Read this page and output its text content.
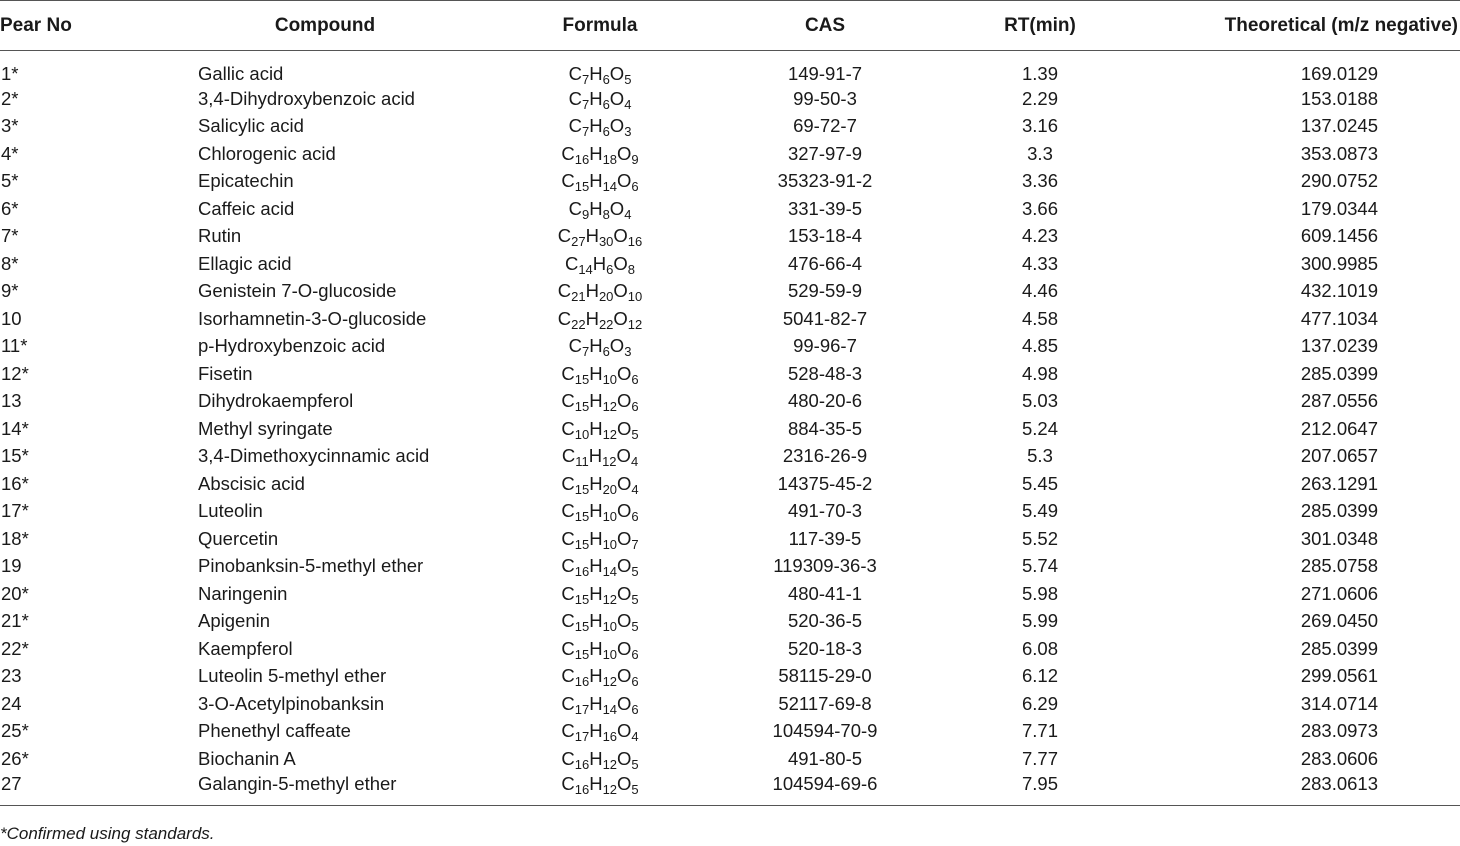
Pear No	Compound	Formula	CAS	RT(min)	Theoretical (m/z negative)
1*	Gallic acid	$C_7H_6O_5$	149-91-7	1.39	169.0129
2*	3,4-Dihydroxybenzoic acid	$C_7H_6O_4$	99-50-3	2.29	153.0188
3*	Salicylic acid	$C_7H_6O_3$	69-72-7	3.16	137.0245
4*	Chlorogenic acid	$C_{16}H_{18}O_9$	327-97-9	3.3	353.0873
5*	Epicatechin	$C_{15}H_{14}O_6$	35323-91-2	3.36	290.0752
6*	Caffeic acid	$C_9H_8O_4$	331-39-5	3.66	179.0344
7*	Rutin	$C_{27}H_{30}O_{16}$	153-18-4	4.23	609.1456
8*	Ellagic acid	$C_{14}H_6O_8$	476-66-4	4.33	300.9985
9*	Genistein 7-O-glucoside	$C_{21}H_{20}O_{10}$	529-59-9	4.46	432.1019
10	Isorhamnetin-3-O-glucoside	$C_{22}H_{22}O_{12}$	5041-82-7	4.58	477.1034
11*	p-Hydroxybenzoic acid	$C_7H_6O_3$	99-96-7	4.85	137.0239
12*	Fisetin	$C_{15}H_{10}O_6$	528-48-3	4.98	285.0399
13	Dihydrokaempferol	$C_{15}H_{12}O_6$	480-20-6	5.03	287.0556
14*	Methyl syringate	$C_{10}H_{12}O_5$	884-35-5	5.24	212.0647
15*	3,4-Dimethoxycinnamic acid	$C_{11}H_{12}O_4$	2316-26-9	5.3	207.0657
16*	Abscisic acid	$C_{15}H_{20}O_4$	14375-45-2	5.45	263.1291
17*	Luteolin	$C_{15}H_{10}O_6$	491-70-3	5.49	285.0399
18*	Quercetin	$C_{15}H_{10}O_7$	117-39-5	5.52	301.0348
19	Pinobanksin-5-methyl ether	$C_{16}H_{14}O_5$	119309-36-3	5.74	285.0758
20*	Naringenin	$C_{15}H_{12}O_5$	480-41-1	5.98	271.0606
21*	Apigenin	$C_{15}H_{10}O_5$	520-36-5	5.99	269.0450
22*	Kaempferol	$C_{15}H_{10}O_6$	520-18-3	6.08	285.0399
23	Luteolin 5-methyl ether	$C_{16}H_{12}O_6$	58115-29-0	6.12	299.0561
24	3-O-Acetylpinobanksin	$C_{17}H_{14}O_6$	52117-69-8	6.29	314.0714
25*	Phenethyl caffeate	$C_{17}H_{16}O_4$	104594-70-9	7.71	283.0973
26*	Biochanin A	$C_{16}H_{12}O_5$	491-80-5	7.77	283.0606
27	Galangin-5-methyl ether	$C_{16}H_{12}O_5$	104594-69-6	7.95	283.0613
*Confirmed using standards.
